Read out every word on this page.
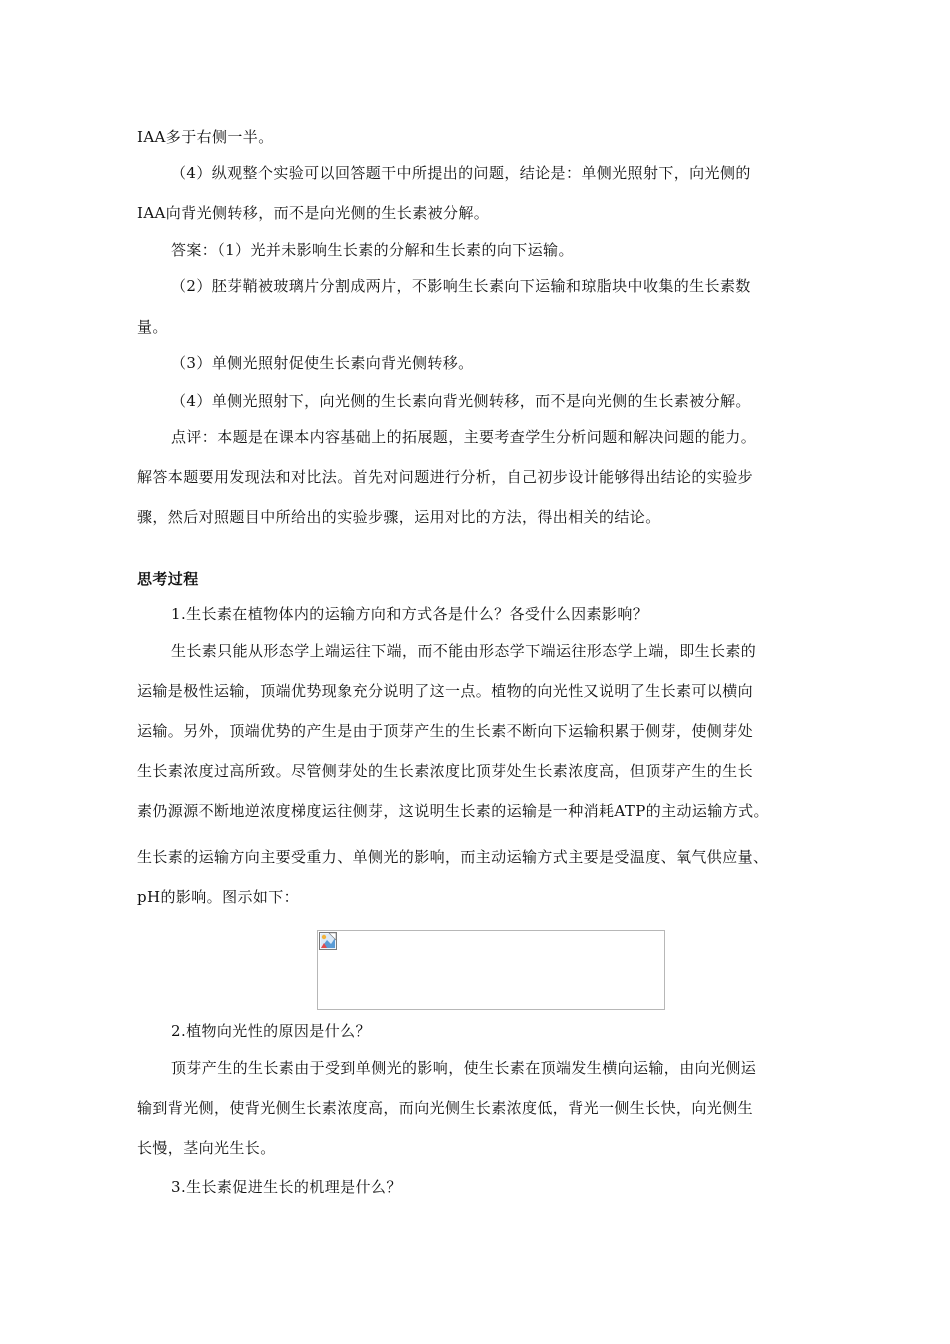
IAA多于右侧一半。
（4）纵观整个实验可以回答题干中所提出的问题，结论是：单侧光照射下，向光侧的
IAA向背光侧转移，而不是向光侧的生长素被分解。
答案：（1）光并未影响生长素的分解和生长素的向下运输。
（2）胚芽鞘被玻璃片分割成两片，不影响生长素向下运输和琼脂块中收集的生长素数
量。
（3）单侧光照射促使生长素向背光侧转移。
（4）单侧光照射下，向光侧的生长素向背光侧转移，而不是向光侧的生长素被分解。
点评：本题是在课本内容基础上的拓展题，主要考查学生分析问题和解决问题的能力。
解答本题要用发现法和对比法。首先对问题进行分析，自己初步设计能够得出结论的实验步
骤，然后对照题目中所给出的实验步骤，运用对比的方法，得出相关的结论。
思考过程
1.生长素在植物体内的运输方向和方式各是什么？各受什么因素影响？
生长素只能从形态学上端运往下端，而不能由形态学下端运往形态学上端，即生长素的
运输是极性运输，顶端优势现象充分说明了这一点。植物的向光性又说明了生长素可以横向
运输。另外，顶端优势的产生是由于顶芽产生的生长素不断向下运输积累于侧芽，使侧芽处
生长素浓度过高所致。尽管侧芽处的生长素浓度比顶芽处生长素浓度高，但顶芽产生的生长
素仍源源不断地逆浓度梯度运往侧芽，这说明生长素的运输是一种消耗ATP的主动运输方式。
生长素的运输方向主要受重力、单侧光的影响，而主动运输方式主要是受温度、氧气供应量、
pH的影响。图示如下：
2.植物向光性的原因是什么？
顶芽产生的生长素由于受到单侧光的影响，使生长素在顶端发生横向运输，由向光侧运
输到背光侧，使背光侧生长素浓度高，而向光侧生长素浓度低，背光一侧生长快，向光侧生
长慢，茎向光生长。
3.生长素促进生长的机理是什么？
